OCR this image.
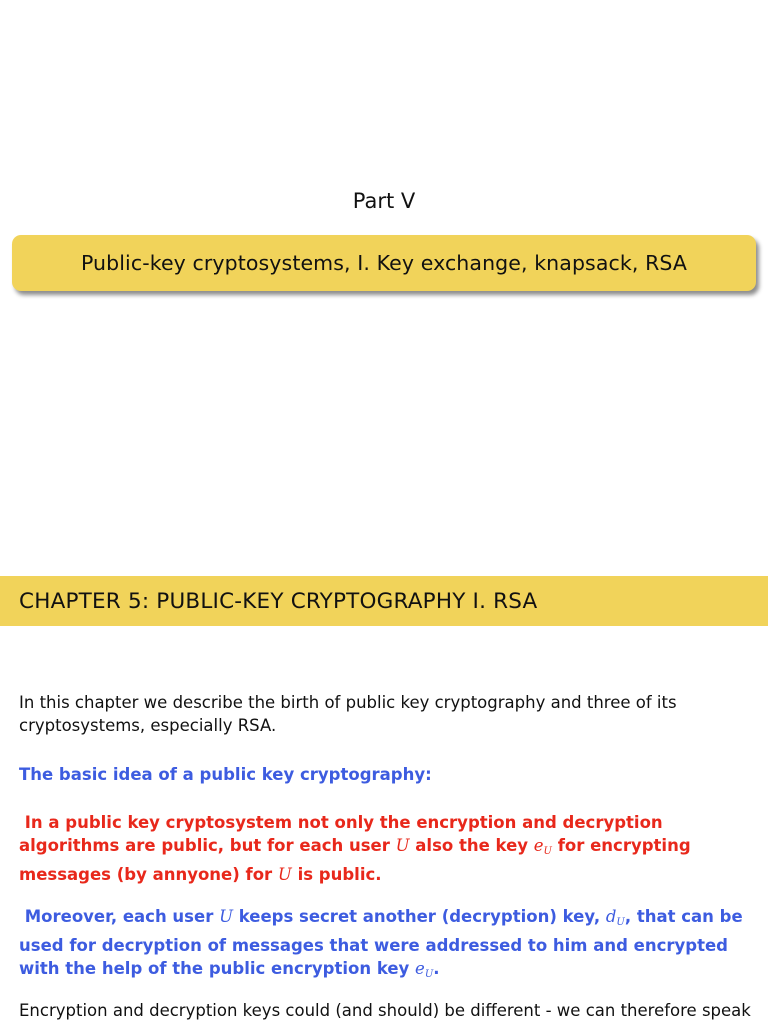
Part V
Public-key cryptosystems, I. Key exchange, knapsack, RSA
CHAPTER 5: PUBLIC-KEY CRYPTOGRAPHY I. RSA
In this chapter we describe the birth of public key cryptography and three of its cryptosystems, especially RSA.
The basic idea of a public key cryptography:
In a public key cryptosystem not only the encryption and decryption algorithms are public, but for each user U also the key $e_U$ for encrypting messages (by annyone) for U is public.
Moreover, each user U keeps secret another (decryption) key, $d_U$, that can be used for decryption of messages that were addressed to him and encrypted with the help of the public encryption key $e_U$.
Encryption and decryption keys could (and should) be different - we can therefore speak
